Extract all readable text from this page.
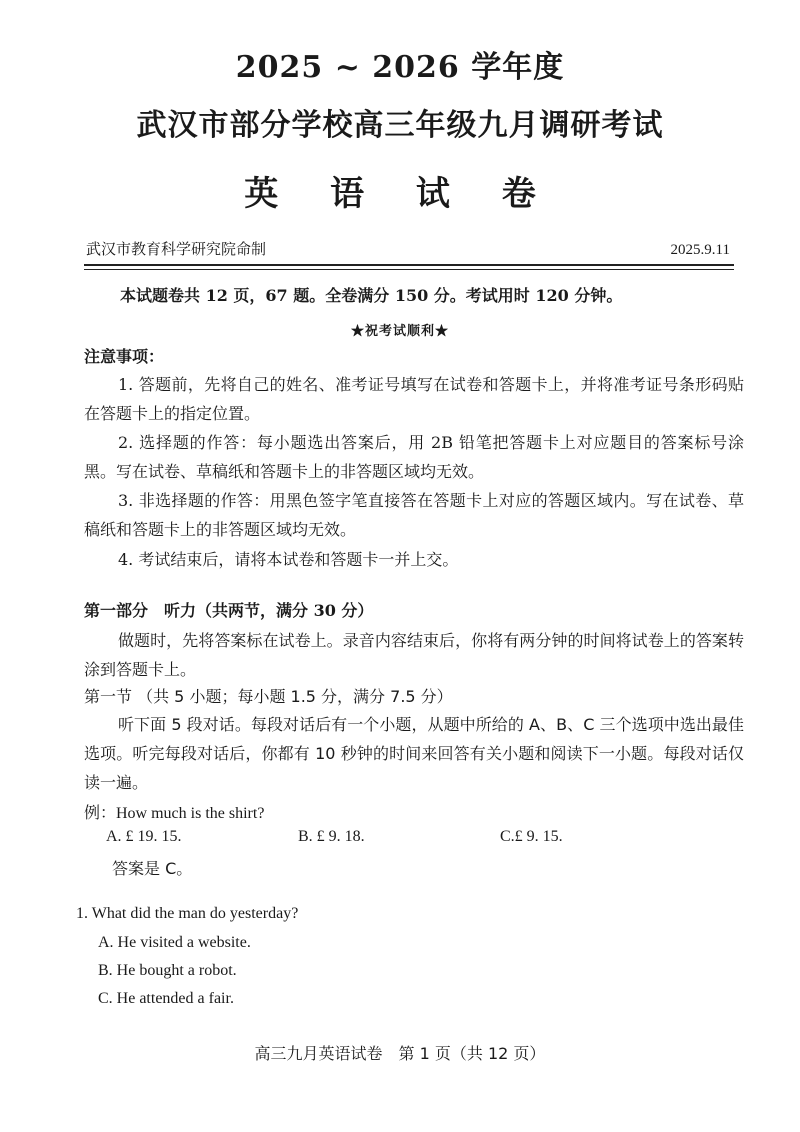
2025 ~ 2026 学年度
武汉市部分学校高三年级九月调研考试
英 语 试 卷
武汉市教育科学研究院命制	2025.9.11
本试题卷共 12 页，67 题。全卷满分 150 分。考试用时 120 分钟。
★祝考试顺利★
注意事项：
1. 答题前，先将自己的姓名、准考证号填写在试卷和答题卡上，并将准考证号条形码贴在答题卡上的指定位置。
2. 选择题的作答：每小题选出答案后，用 2B 铅笔把答题卡上对应题目的答案标号涂黑。写在试卷、草稿纸和答题卡上的非答题区域均无效。
3. 非选择题的作答：用黑色签字笔直接答在答题卡上对应的答题区域内。写在试卷、草稿纸和答题卡上的非答题区域均无效。
4. 考试结束后，请将本试卷和答题卡一并上交。
第一部分　听力（共两节，满分 30 分）
做题时，先将答案标在试卷上。录音内容结束后，你将有两分钟的时间将试卷上的答案转涂到答题卡上。
第一节 （共 5 小题；每小题 1.5 分，满分 7.5 分）
听下面 5 段对话。每段对话后有一个小题，从题中所给的 A、B、C 三个选项中选出最佳选项。听完每段对话后，你都有 10 秒钟的时间来回答有关小题和阅读下一小题。每段对话仅读一遍。
例：How much is the shirt?
A. £ 19. 15.	B. £ 9. 18.	C.£ 9. 15.
答案是 C。
1. What did the man do yesterday?
A. He visited a website.
B. He bought a robot.
C. He attended a fair.
高三九月英语试卷　第 1 页（共 12 页）
